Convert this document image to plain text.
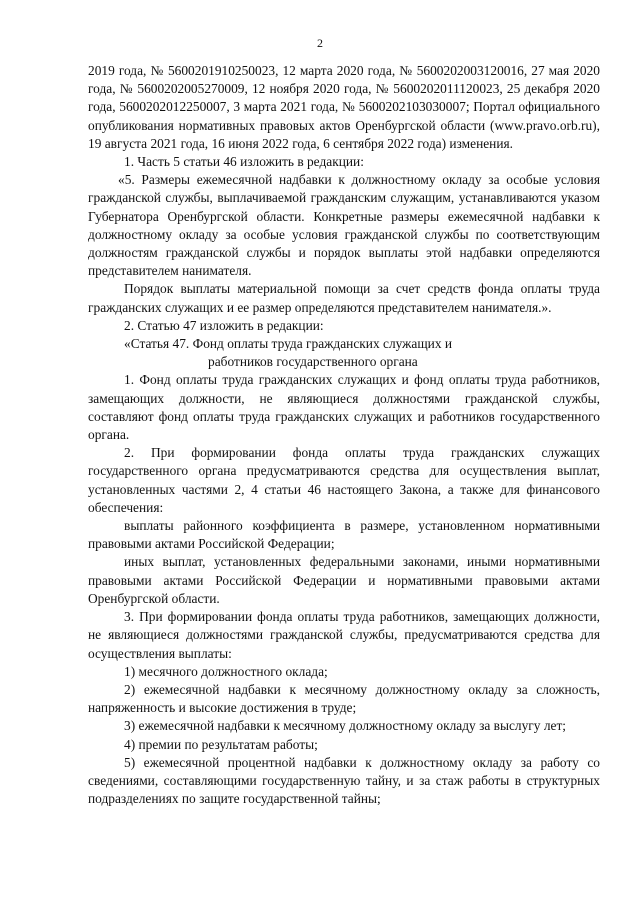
2

2019 года, № 5600201910250023, 12 марта 2020 года, № 5600202003120016, 27 мая 2020 года, № 5600202005270009, 12 ноября 2020 года, № 5600202011120023, 25 декабря 2020 года, 5600202012250007, 3 марта 2021 года, № 5600202103030007; Портал официального опубликования нормативных правовых актов Оренбургской области (www.pravo.orb.ru), 19 августа 2021 года, 16 июня 2022 года, 6 сентября 2022 года) изменения.

1. Часть 5 статьи 46 изложить в редакции:

«5. Размеры ежемесячной надбавки к должностному окладу за особые условия гражданской службы, выплачиваемой гражданским служащим, устанавливаются указом Губернатора Оренбургской области. Конкретные размеры ежемесячной надбавки к должностному окладу за особые условия гражданской службы по соответствующим должностям гражданской службы и порядок выплаты этой надбавки определяются представителем нанимателя.

Порядок выплаты материальной помощи за счет средств фонда оплаты труда гражданских служащих и ее размер определяются представителем нанимателя.».

2. Статью 47 изложить в редакции:

«Статья 47. Фонд оплаты труда гражданских служащих и

работников государственного органа

1. Фонд оплаты труда гражданских служащих и фонд оплаты труда работников, замещающих должности, не являющиеся должностями гражданской службы, составляют фонд оплаты труда гражданских служащих и работников государственного органа.

2. При формировании фонда оплаты труда гражданских служащих государственного органа предусматриваются средства для осуществления выплат, установленных частями 2, 4 статьи 46 настоящего Закона, а также для финансового обеспечения:

выплаты районного коэффициента в размере, установленном нормативными правовыми актами Российской Федерации;

иных выплат, установленных федеральными законами, иными нормативными правовыми актами Российской Федерации и нормативными правовыми актами Оренбургской области.

3. При формировании фонда оплаты труда работников, замещающих должности, не являющиеся должностями гражданской службы, предусматриваются средства для осуществления выплаты:

1) месячного должностного оклада;

2) ежемесячной надбавки к месячному должностному окладу за сложность, напряженность и высокие достижения в труде;

3) ежемесячной надбавки к месячному должностному окладу за выслугу лет;

4) премии по результатам работы;

5) ежемесячной процентной надбавки к должностному окладу за работу со сведениями, составляющими государственную тайну, и за стаж работы в структурных подразделениях по защите государственной тайны;
